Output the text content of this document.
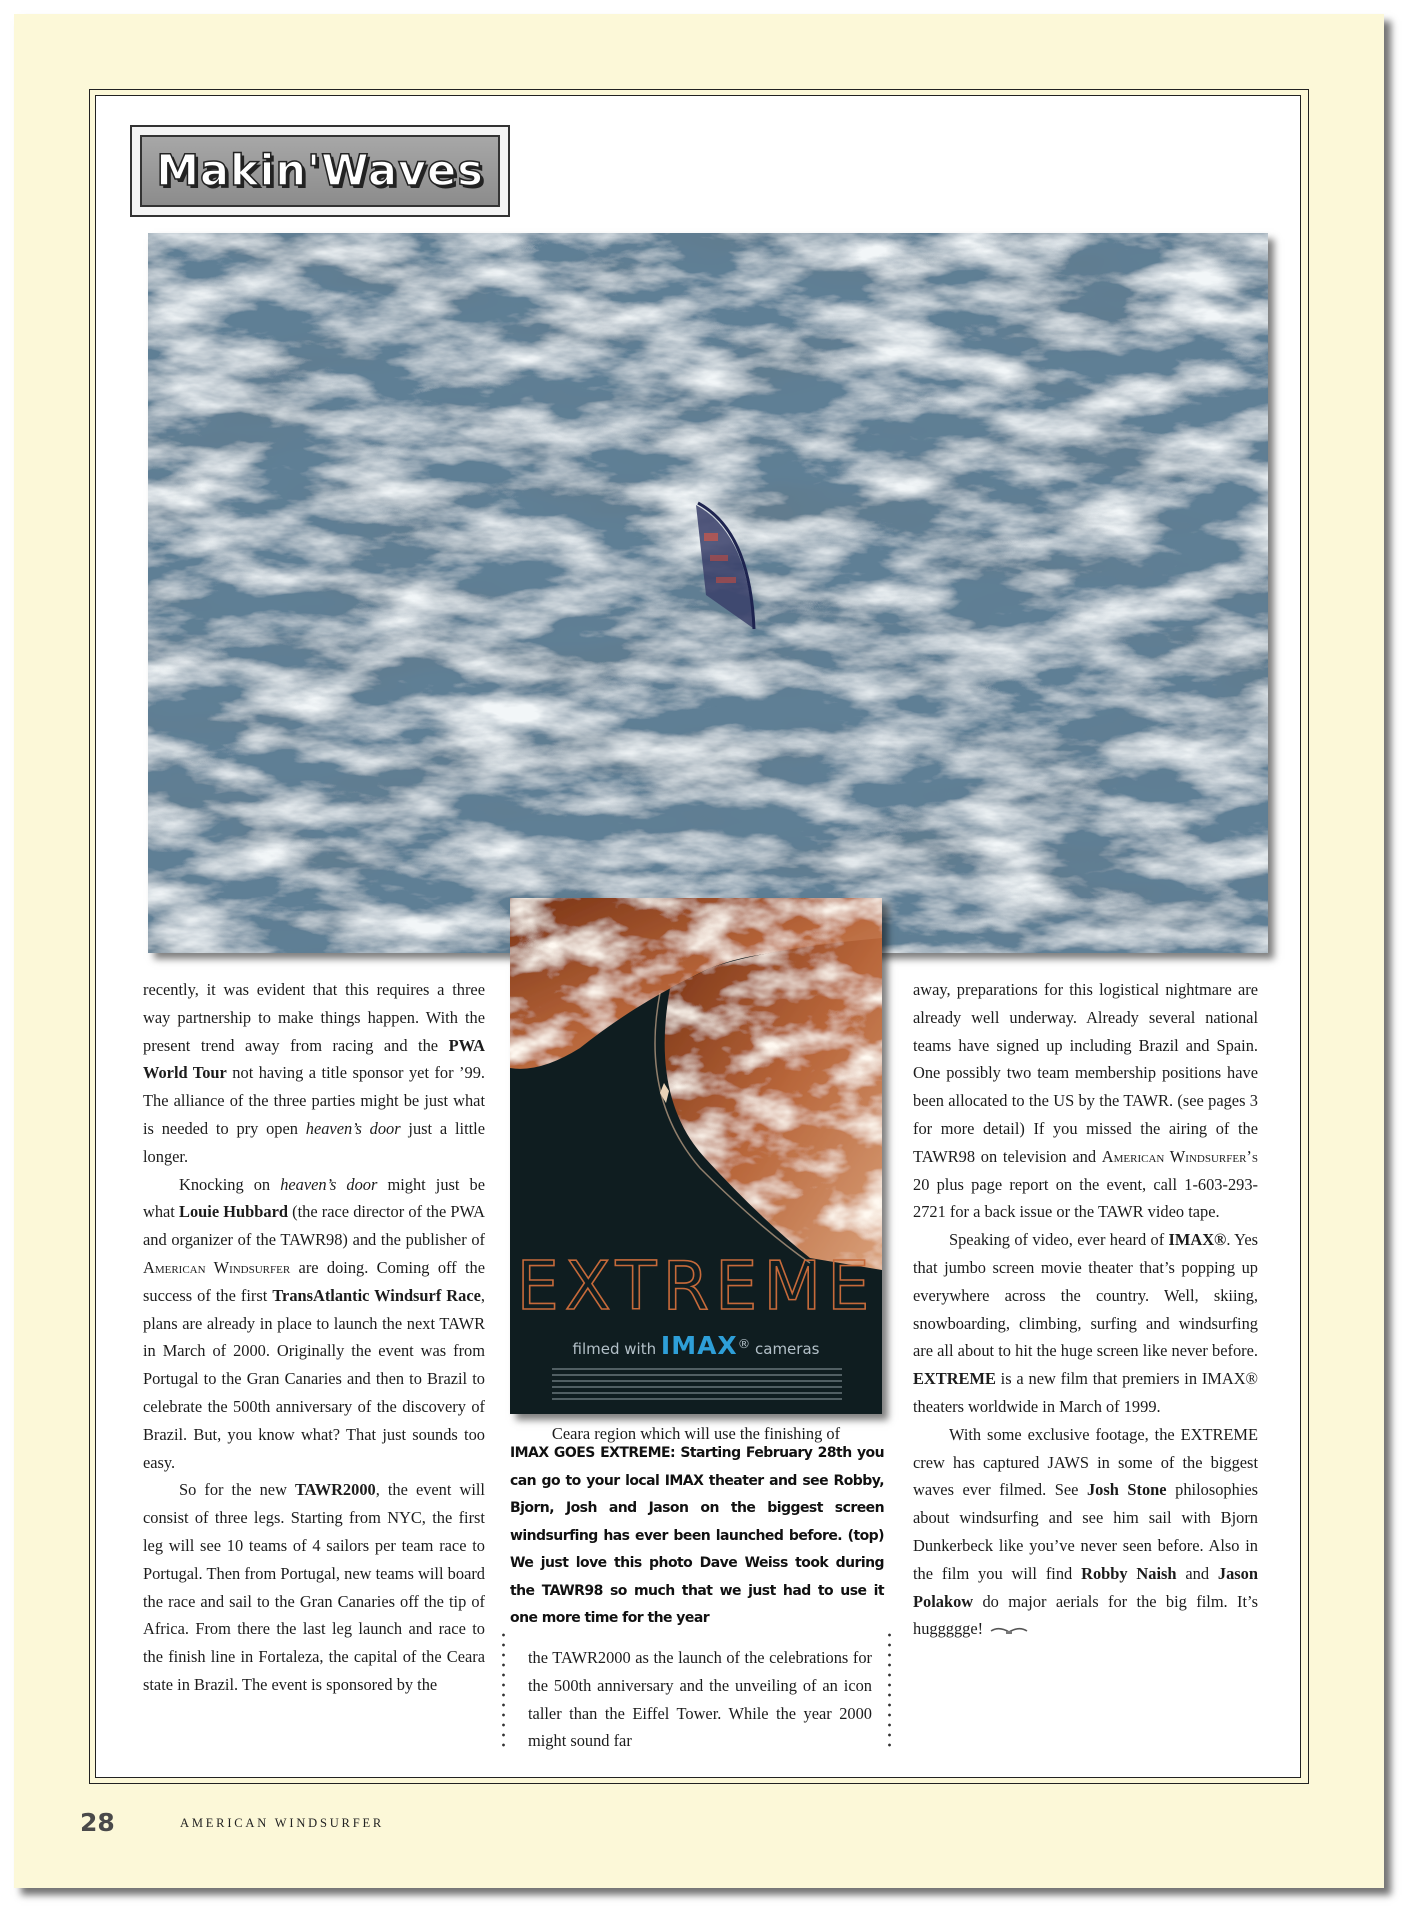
Makin'Waves
EXTREME
filmed with IMAX® cameras

recently, it was evident that this requires a three way partnership to make things happen. With the present trend away from racing and the PWA World Tour not having a title sponsor yet for ’99. The alliance of the three parties might be just what is needed to pry open heaven’s door just a little longer.

Knocking on heaven’s door might just be what Louie Hubbard (the race director of the PWA and organizer of the TAWR98) and the publisher of American Windsurfer are doing. Coming off the success of the first TransAtlantic Windsurf Race, plans are already in place to launch the next TAWR in March of 2000. Originally the event was from Portugal to the Gran Canaries and then to Brazil to celebrate the 500th anniversary of the discovery of Brazil. But, you know what? That just sounds too easy.

So for the new TAWR2000, the event will consist of three legs. Starting from NYC, the first leg will see 10 teams of 4 sailors per team race to Portugal. Then from Portugal, new teams will board the race and sail to the Gran Canaries off the tip of Africa. From there the last leg launch and race to the finish line in Fortaleza, the capital of the Ceara state in Brazil. The event is sponsored by the

Ceara region which will use the finishing of
IMAX GOES EXTREME: Starting February 28th you can go to your local IMAX theater and see Robby, Bjorn, Josh and Jason on the biggest screen windsurfing has ever been launched before. (top) We just love this photo Dave Weiss took during the TAWR98 so much that we just had to use it one more time for the year

the TAWR2000 as the launch of the celebrations for the 500th anniversary and the unveiling of an icon taller than the Eiffel Tower. While the year 2000 might sound far

away, preparations for this logistical nightmare are already well underway. Already several national teams have signed up including Brazil and Spain. One possibly two team membership positions have been allocated to the US by the TAWR. (see pages 3 for more detail) If you missed the airing of the TAWR98 on television and American Windsurfer’s 20 plus page report on the event, call 1-603-293-2721 for a back issue or the TAWR video tape.

Speaking of video, ever heard of IMAX®. Yes that jumbo screen movie theater that’s popping up everywhere across the country. Well, skiing, snowboarding, climbing, surfing and windsurfing are all about to hit the huge screen like never before. EXTREME is a new film that premiers in IMAX® theaters worldwide in March of 1999.

With some exclusive footage, the EXTREME crew has captured JAWS in some of the biggest waves ever filmed. See Josh Stone philosophies about windsurfing and see him sail with Bjorn Dunkerbeck like you’ve never seen before. Also in the film you will find Robby Naish and Jason Polakow do major aerials for the big film. It’s huggggge!

28	AMERICAN WINDSURFER
